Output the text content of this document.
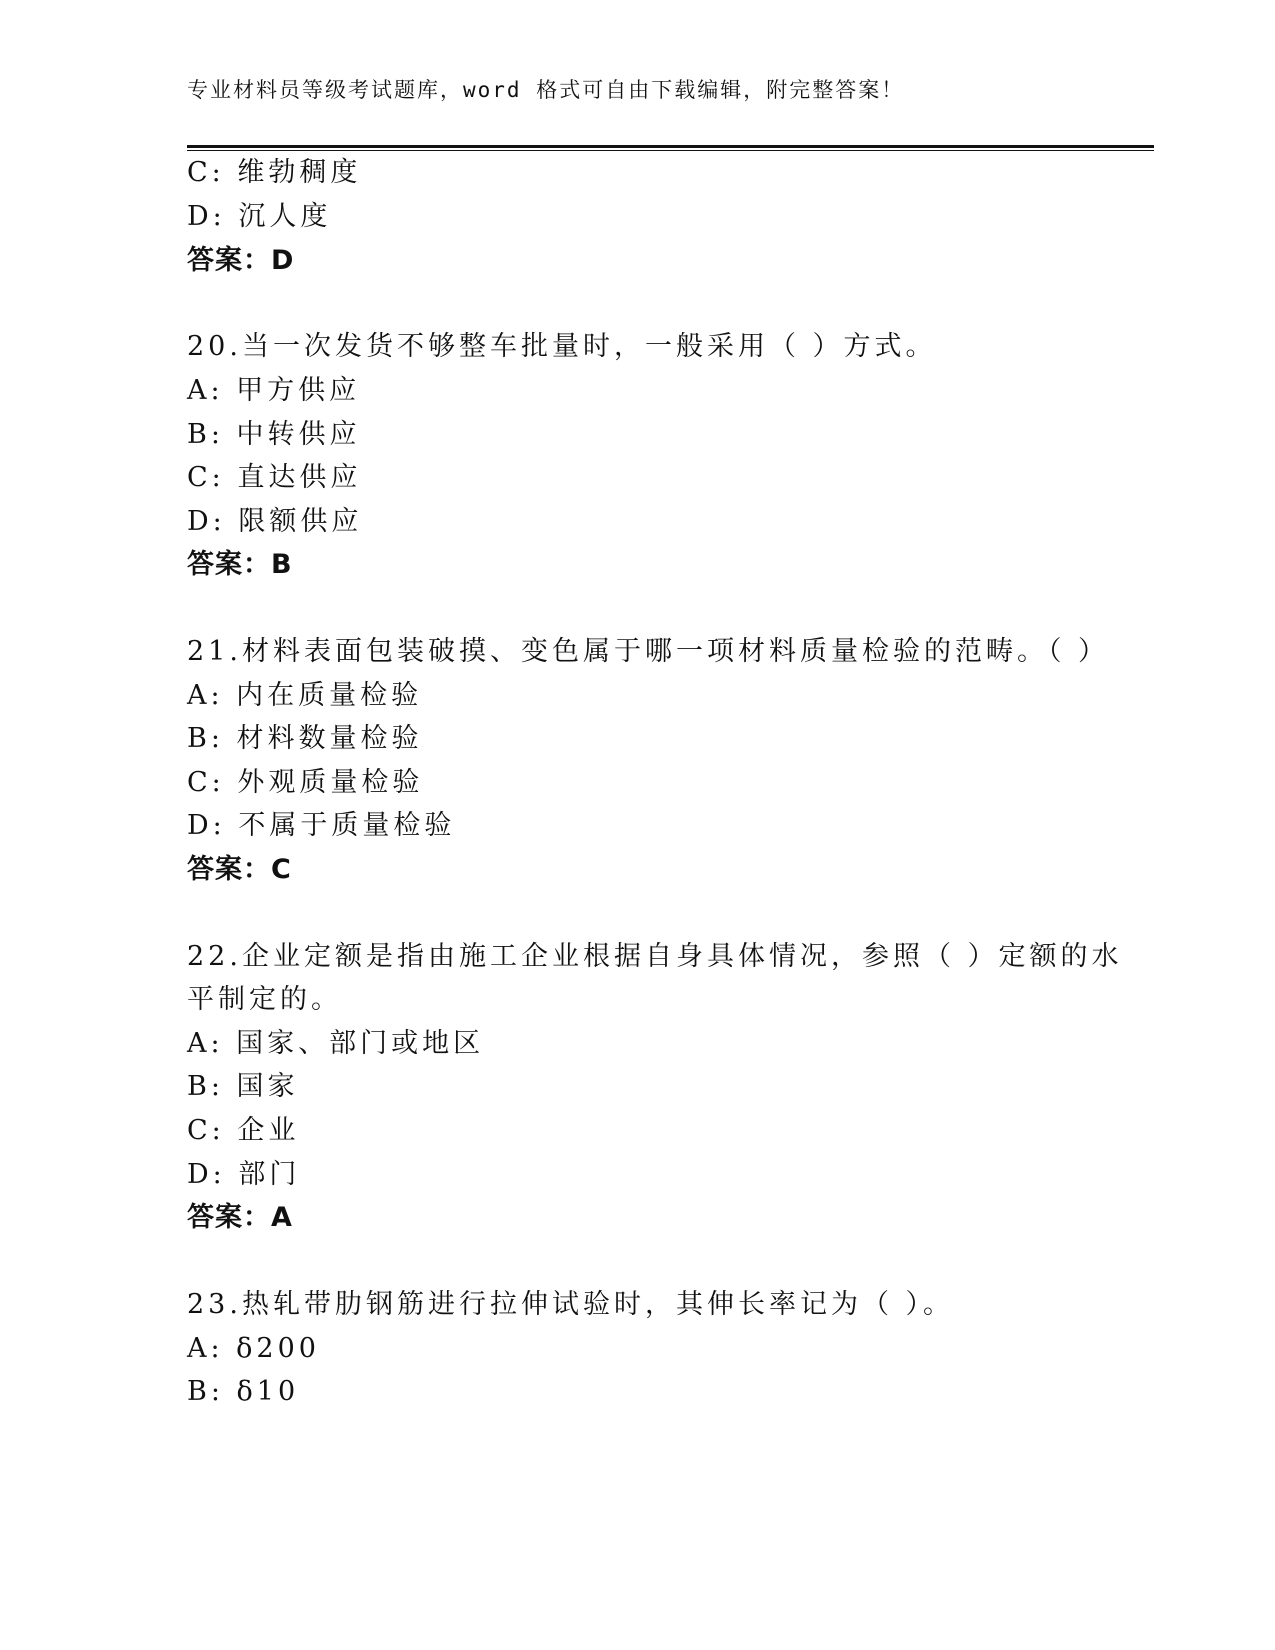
专业材料员等级考试题库，word 格式可自由下载编辑，附完整答案！
C: 维勃稠度
D: 沉人度
答案：D
20.当一次发货不够整车批量时，一般采用（ ）方式。
A: 甲方供应
B: 中转供应
C: 直达供应
D: 限额供应
答案：B
21.材料表面包装破摸、变色属于哪一项材料质量检验的范畴。（ ）
A: 内在质量检验
B: 材料数量检验
C: 外观质量检验
D: 不属于质量检验
答案：C
22.企业定额是指由施工企业根据自身具体情况，参照（ ）定额的水
平制定的。
A: 国家、部门或地区
B: 国家
C: 企业
D: 部门
答案：A
23.热轧带肋钢筋进行拉伸试验时，其伸长率记为（ ）。
A: δ200
B: δ10
